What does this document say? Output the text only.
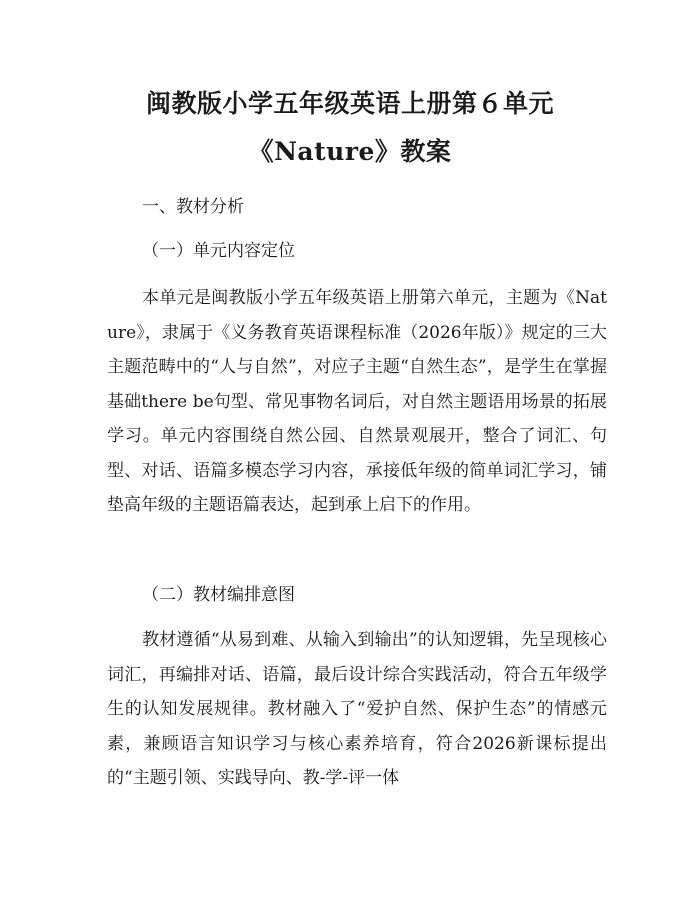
闽教版小学五年级英语上册第６单元
《Nature》教案
一、教材分析
（一）单元内容定位
本单元是闽教版小学五年级英语上册第六单元，主题为《Nature》，隶属于《义务教育英语课程标准（2026年版）》规定的三大主题范畴中的“人与自然”，对应子主题“自然生态”，是学生在掌握基础there be句型、常见事物名词后，对自然主题语用场景的拓展学习。单元内容围绕自然公园、自然景观展开，整合了词汇、句型、对话、语篇多模态学习内容，承接低年级的简单词汇学习，铺垫高年级的主题语篇表达，起到承上启下的作用。
（二）教材编排意图
教材遵循“从易到难、从输入到输出”的认知逻辑，先呈现核心词汇，再编排对话、语篇，最后设计综合实践活动，符合五年级学生的认知发展规律。教材融入了“爱护自然、保护生态”的情感元素，兼顾语言知识学习与核心素养培育，符合2026新课标提出的“主题引领、实践导向、教-学-评一体
